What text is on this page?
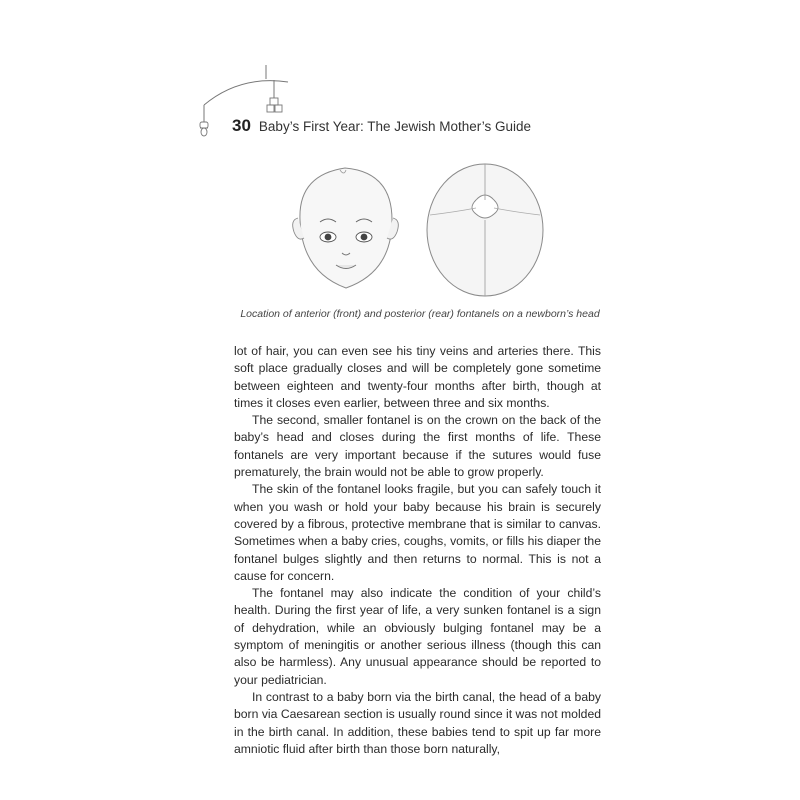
30 Baby’s First Year: The Jewish Mother’s Guide
Location of anterior (front) and posterior (rear) fontanels on a newborn’s head

lot of hair, you can even see his tiny veins and arteries there. This soft place gradually closes and will be completely gone sometime between eighteen and twenty-four months after birth, though at times it closes even earlier, between three and six months.

The second, smaller fontanel is on the crown on the back of the baby’s head and closes during the first months of life. These fontanels are very important because if the sutures would fuse prematurely, the brain would not be able to grow properly.

The skin of the fontanel looks fragile, but you can safely touch it when you wash or hold your baby because his brain is securely covered by a fibrous, protective membrane that is similar to canvas. Sometimes when a baby cries, coughs, vomits, or fills his diaper the fontanel bulges slightly and then returns to normal. This is not a cause for concern.

The fontanel may also indicate the condition of your child’s health. During the first year of life, a very sunken fontanel is a sign of dehydration, while an obviously bulging fontanel may be a symptom of meningitis or another serious illness (though this can also be harmless). Any unusual appearance should be reported to your pediatrician.

In contrast to a baby born via the birth canal, the head of a baby born via Caesarean section is usually round since it was not molded in the birth canal. In addition, these babies tend to spit up far more amniotic fluid after birth than those born naturally,
